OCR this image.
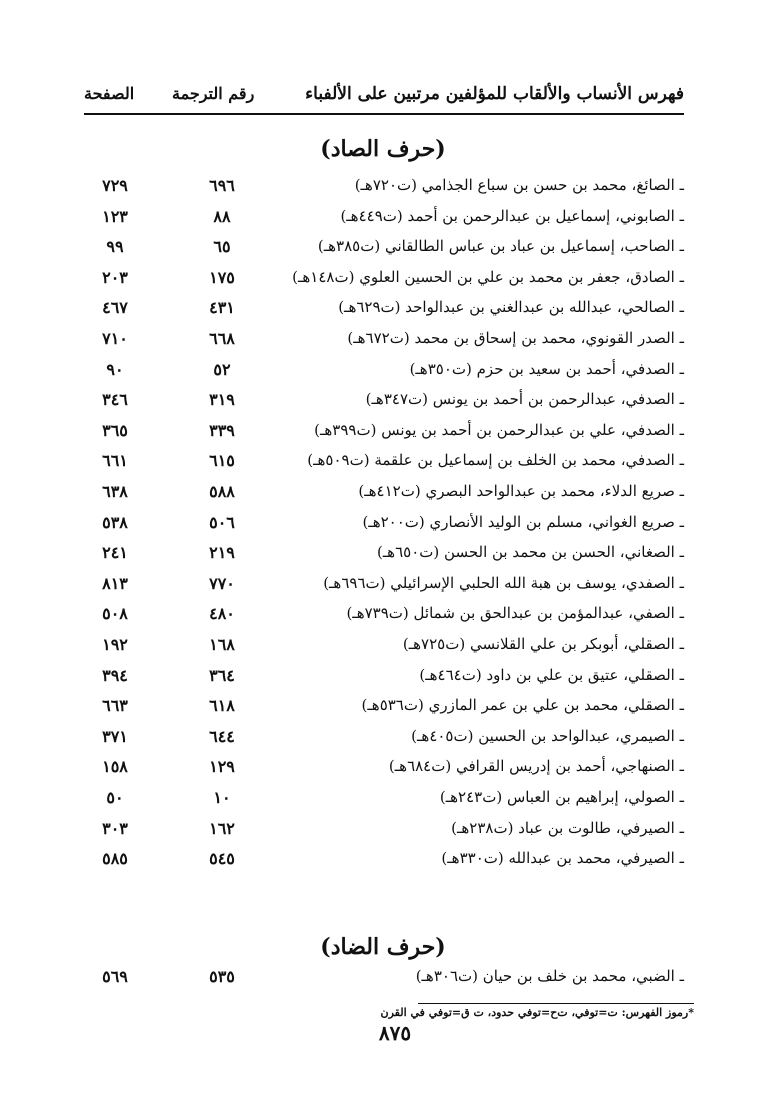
فهرس الأنساب والألقاب للمؤلفين مرتبين على الألفباء
رقم الترجمة
الصفحة
(حرف الصاد)
ـ الصائغ، محمد بن حسن بن سباع الجذامي (ت٧٢٠هـ)
٦٩٦
٧٢٩
ـ الصابوني، إسماعيل بن عبدالرحمن بن أحمد (ت٤٤٩هـ)
٨٨
١٢٣
ـ الصاحب، إسماعيل بن عباد بن عباس الطالقاني (ت٣٨٥هـ)
٦٥
٩٩
ـ الصادق، جعفر بن محمد بن علي بن الحسين العلوي (ت١٤٨هـ)
١٧٥
٢٠٣
ـ الصالحي، عبدالله بن عبدالغني بن عبدالواحد (ت٦٢٩هـ)
٤٣١
٤٦٧
ـ الصدر القونوي، محمد بن إسحاق بن محمد (ت٦٧٢هـ)
٦٦٨
٧١٠
ـ الصدفي، أحمد بن سعيد بن حزم (ت٣٥٠هـ)
٥٢
٩٠
ـ الصدفي، عبدالرحمن بن أحمد بن يونس (ت٣٤٧هـ)
٣١٩
٣٤٦
ـ الصدفي، علي بن عبدالرحمن بن أحمد بن يونس (ت٣٩٩هـ)
٣٣٩
٣٦٥
ـ الصدفي، محمد بن الخلف بن إسماعيل بن علقمة (ت٥٠٩هـ)
٦١٥
٦٦١
ـ صريع الدلاء، محمد بن عبدالواحد البصري (ت٤١٢هـ)
٥٨٨
٦٣٨
ـ صريع الغواني، مسلم بن الوليد الأنصاري (ت٢٠٠هـ)
٥٠٦
٥٣٨
ـ الصغاني، الحسن بن محمد بن الحسن (ت٦٥٠هـ)
٢١٩
٢٤١
ـ الصفدي، يوسف بن هبة الله الحلبي الإسرائيلي (ت٦٩٦هـ)
٧٧٠
٨١٣
ـ الصفي، عبدالمؤمن بن عبدالحق بن شمائل (ت٧٣٩هـ)
٤٨٠
٥٠٨
ـ الصقلي، أبوبكر بن علي القلانسي (ت٧٢٥هـ)
١٦٨
١٩٢
ـ الصقلي، عتيق بن علي بن داود (ت٤٦٤هـ)
٣٦٤
٣٩٤
ـ الصقلي، محمد بن علي بن عمر المازري (ت٥٣٦هـ)
٦١٨
٦٦٣
ـ الصيمري، عبدالواحد بن الحسين (ت٤٠٥هـ)
٦٤٤
٣٧١
ـ الصنهاجي، أحمد بن إدريس القرافي (ت٦٨٤هـ)
١٢٩
١٥٨
ـ الصولي، إبراهيم بن العباس (ت٢٤٣هـ)
١٠
٥٠
ـ الصيرفي، طالوت بن عباد (ت٢٣٨هـ)
١٦٢
٣٠٣
ـ الصيرفي، محمد بن عبدالله (ت٣٣٠هـ)
٥٤٥
٥٨٥
(حرف الضاد)
ـ الضبي، محمد بن خلف بن حيان (ت٣٠٦هـ)
٥٣٥
٥٦٩
*رموز الفهرس: ت=توفي، ت‌ح=توفي حدود، ت ق=توفي في القرن
٨٧٥
